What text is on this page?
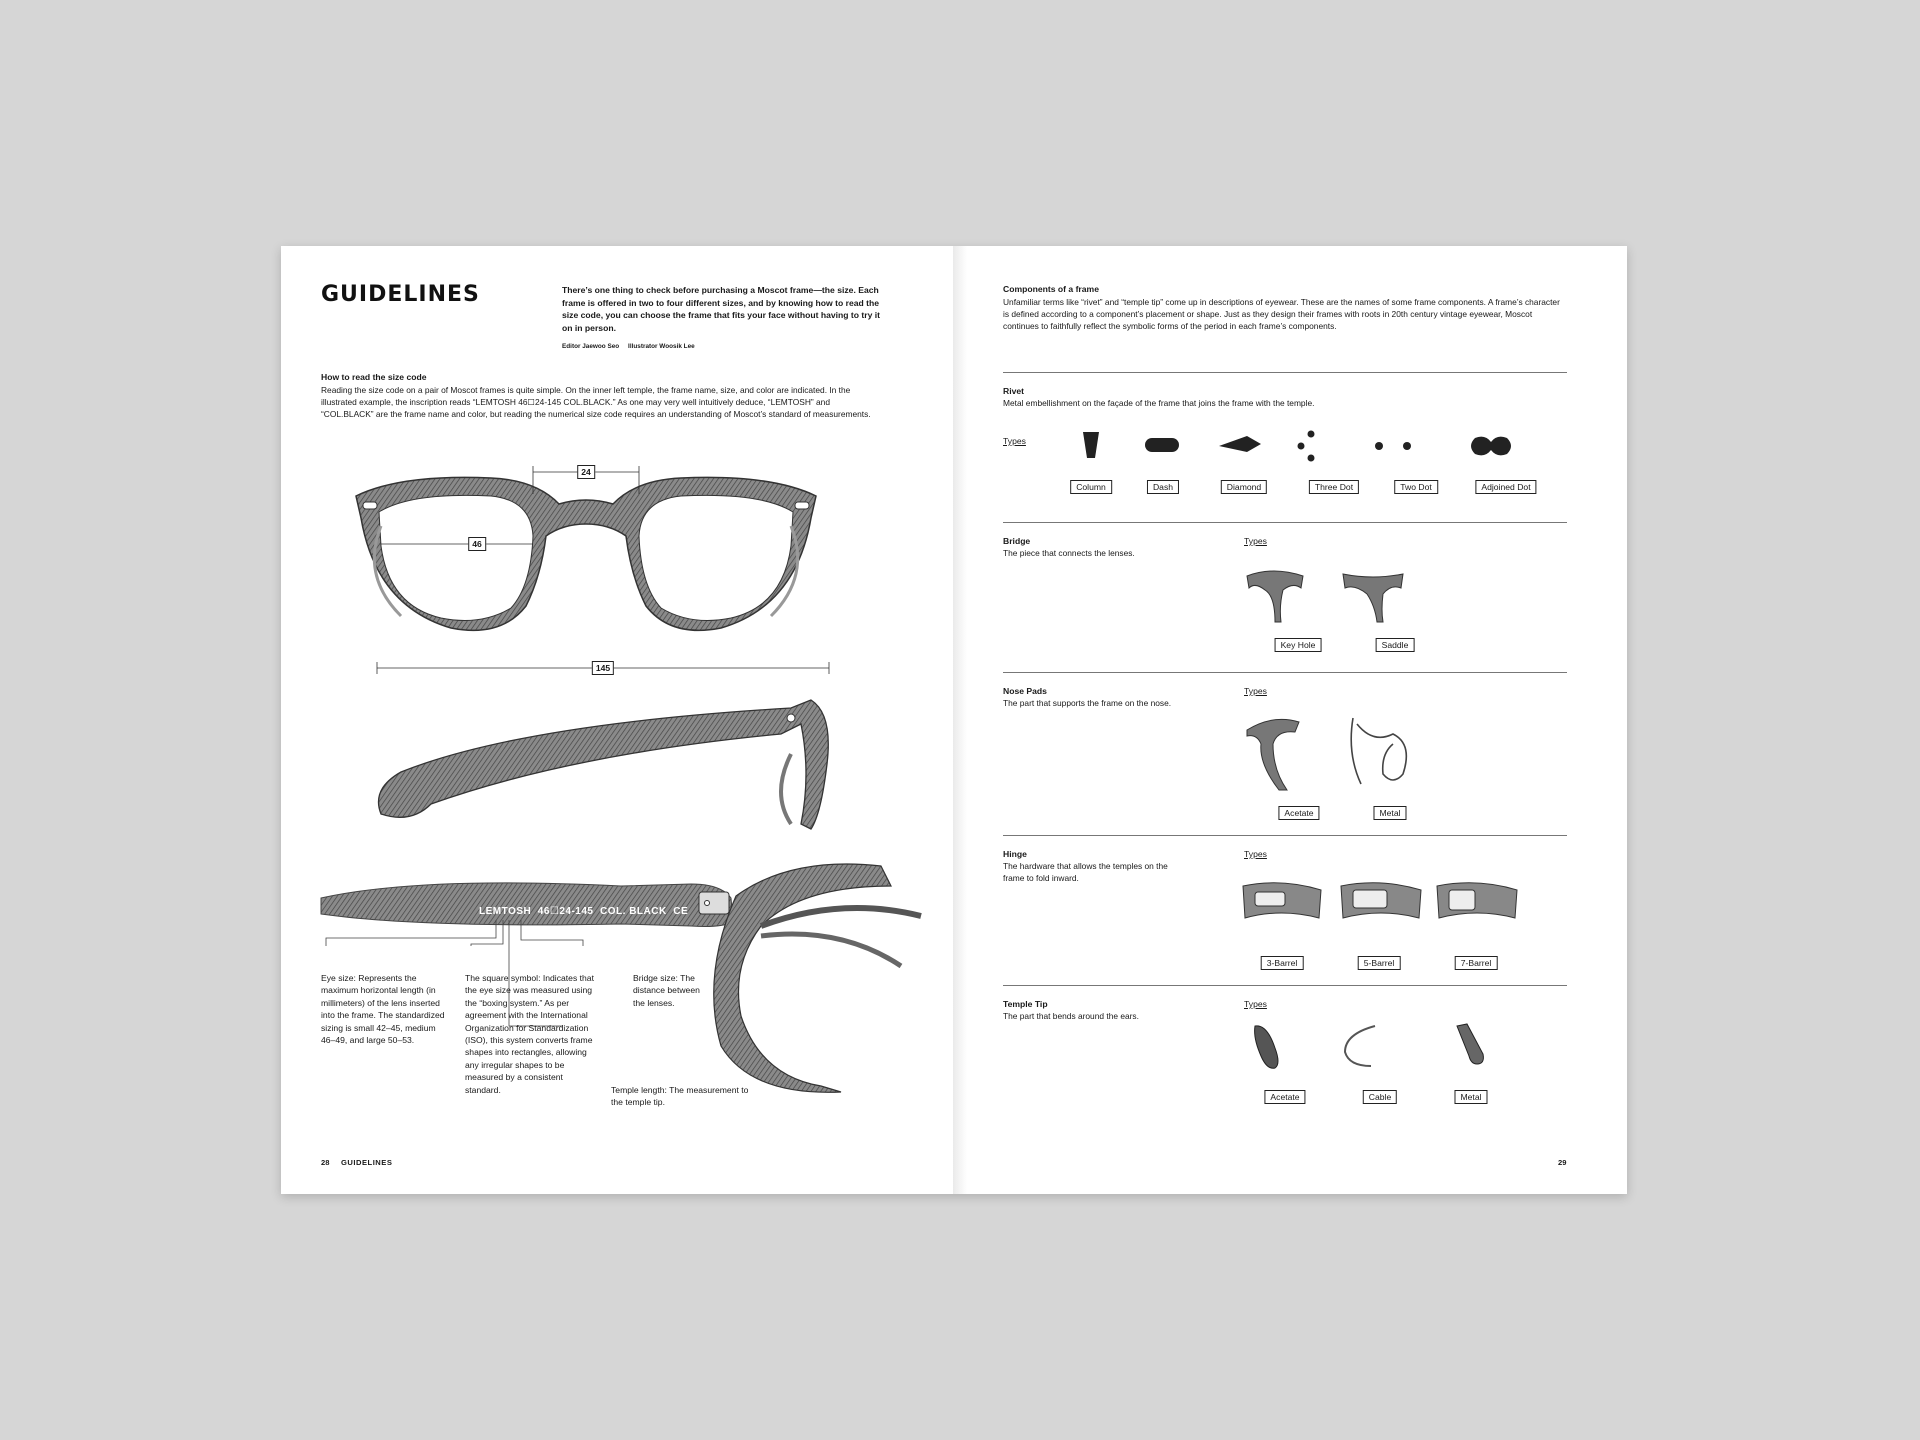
GUIDELINES	There’s one thing to check before purchasing a Moscot frame—the size. Each frame is offered in two to four different sizes, and by knowing how to read the size code, you can choose the frame that fits your face without having to try it on in person.
Editor Jaewoo Seo     Illustrator Woosik Lee
How to read the size code
Reading the size code on a pair of Moscot frames is quite simple. On the inner left temple, the frame name, size, and color are indicated. In the illustrated example, the inscription reads “LEMTOSH 46☐24-145 COL.BLACK.” As one may very well intuitively deduce, “LEMTOSH” and “COL.BLACK” are the frame name and color, but reading the numerical size code requires an understanding of Moscot’s standard of measurements.
24
46
145
LEMTOSH  46☐24-145  COL. BLACK  CE
Eye size: Represents the maximum horizontal length (in millimeters) of the lens inserted into the frame. The standardized sizing is small 42–45, medium 46–49, and large 50–53.
The square symbol: Indicates that the eye size was measured using the “boxing system.” As per agreement with the International Organization for Standardization (ISO), this system converts frame shapes into rectangles, allowing any irregular shapes to be measured by a consistent standard.
Bridge size: The distance between the lenses.
Temple length: The measurement to the temple tip.
28 GUIDELINES
Components of a frame
Unfamiliar terms like “rivet” and “temple tip” come up in descriptions of eyewear. These are the names of some frame components. A frame’s character is defined according to a component’s placement or shape. Just as they design their frames with roots in 20th century vintage eyewear, Moscot continues to faithfully reflect the symbolic forms of the period in each frame’s components.
Rivet
Metal embellishment on the façade of the frame that joins the frame with the temple.
Types
Column	Dash	Diamond	Three Dot	Two Dot	Adjoined Dot
Bridge
The piece that connects the lenses.
Types
Key Hole	Saddle
Nose Pads
The part that supports the frame on the nose.
Types
Acetate	Metal
Hinge
The hardware that allows the temples on the frame to fold inward.
Types
3-Barrel	5-Barrel	7-Barrel
Temple Tip
The part that bends around the ears.
Types
Acetate	Cable	Metal
29
